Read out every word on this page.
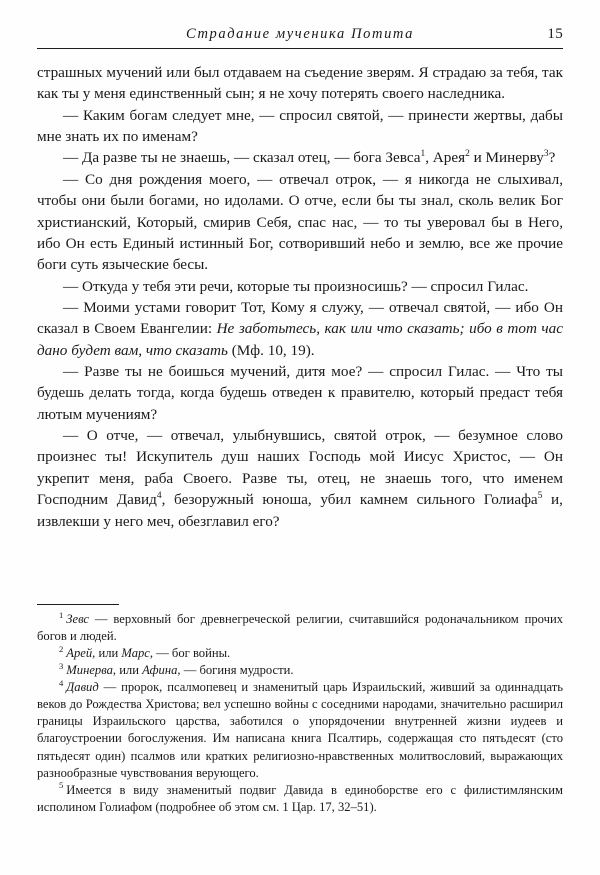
Страдание мученика Потита	15

страшных мучений или был отдаваем на съедение зверям. Я страдаю за тебя, так как ты у меня единственный сын; я не хочу потерять своего наследника.

— Каким богам следует мне, — спросил святой, — принести жертвы, дабы мне знать их по именам?

— Да разве ты не знаешь, — сказал отец, — бога Зевса$^1$, Арея$^2$ и Минерву$^3$?

— Со дня рождения моего, — отвечал отрок, — я никогда не слыхивал, чтобы они были богами, но идолами. О отче, если бы ты знал, сколь велик Бог христианский, Который, смирив Себя, спас нас, — то ты уверовал бы в Него, ибо Он есть Единый истинный Бог, сотворивший небо и землю, все же прочие боги суть языческие бесы.

— Откуда у тебя эти речи, которые ты произносишь? — спросил Гилас.

— Моими устами говорит Тот, Кому я служу, — отвечал святой, — ибо Он сказал в Своем Евангелии: Не заботьтесь, как или что сказать; ибо в тот час дано будет вам, что сказать (Мф. 10, 19).

— Разве ты не боишься мучений, дитя мое? — спросил Гилас. — Что ты будешь делать тогда, когда будешь отведен к правителю, который предаст тебя лютым мучениям?

— О отче, — отвечал, улыбнувшись, святой отрок, — безумное слово произнес ты! Искупитель душ наших Господь мой Иисус Христос, — Он укрепит меня, раба Своего. Разве ты, отец, не знаешь того, что именем Господним Давид$^4$, безоружный юноша, убил камнем сильного Голиафа$^5$ и, извлекши у него меч, обезглавил его?

$^1$ Зевс — верховный бог древнегреческой религии, считавшийся родоначальником прочих богов и людей.

$^2$ Арей, или Марс, — бог войны.

$^3$ Минерва, или Афина, — богиня мудрости.

$^4$ Давид — пророк, псалмопевец и знаменитый царь Израильский, живший за одиннадцать веков до Рождества Христова; вел успешно войны с соседними народами, значительно расширил границы Израильского царства, заботился о упорядочении внутренней жизни иудеев и благоустроении богослужения. Им написана книга Псалтирь, содержащая сто пятьдесят (сто пятьдесят один) псалмов или кратких религиозно-нравственных молитвословий, выражающих разнообразные чувствования верующего.

$^5$ Имеется в виду знаменитый подвиг Давида в единоборстве его с филистимлянским исполином Голиафом (подробнее об этом см. 1 Цар. 17, 32–51).
